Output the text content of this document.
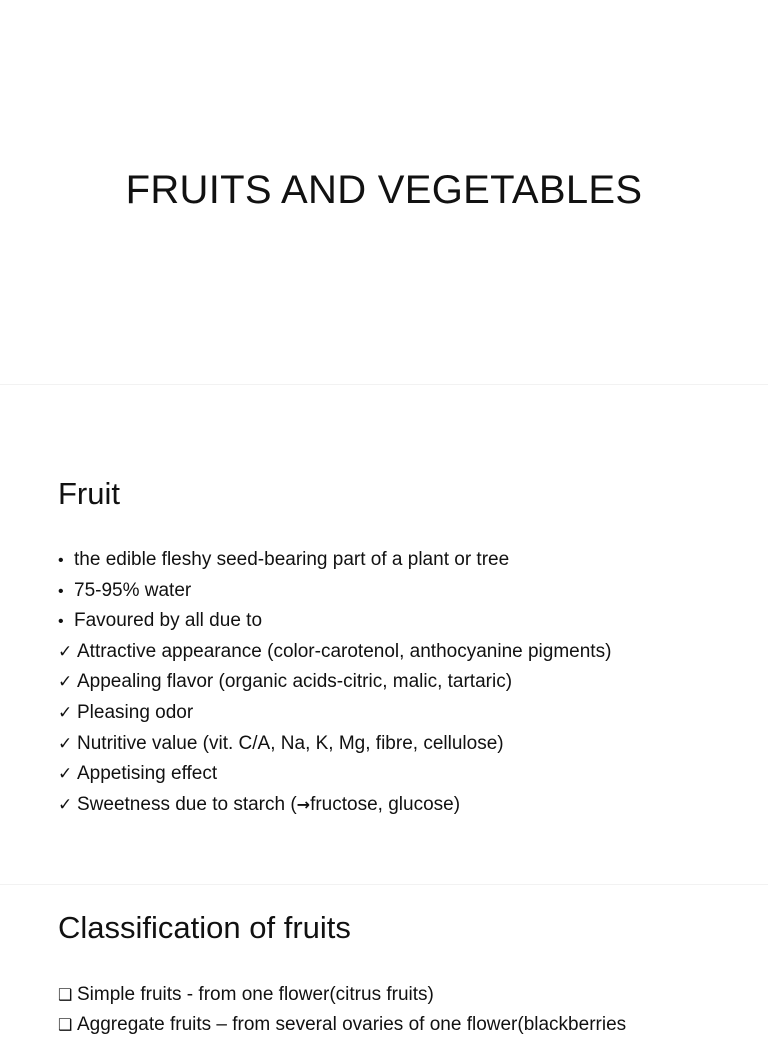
FRUITS AND VEGETABLES
Fruit
• the edible fleshy seed-bearing part of a plant or tree
• 75-95% water
• Favoured by all due to
✓ Attractive appearance (color-carotenol, anthocyanine pigments)
✓ Appealing flavor (organic acids-citric, malic, tartaric)
✓ Pleasing odor
✓ Nutritive value (vit. C/A, Na, K, Mg, fibre, cellulose)
✓ Appetising effect
✓ Sweetness due to starch (→fructose, glucose)
Classification of fruits
❑ Simple fruits - from one flower(citrus fruits)
❑ Aggregate fruits – from several ovaries of one flower(blackberries
